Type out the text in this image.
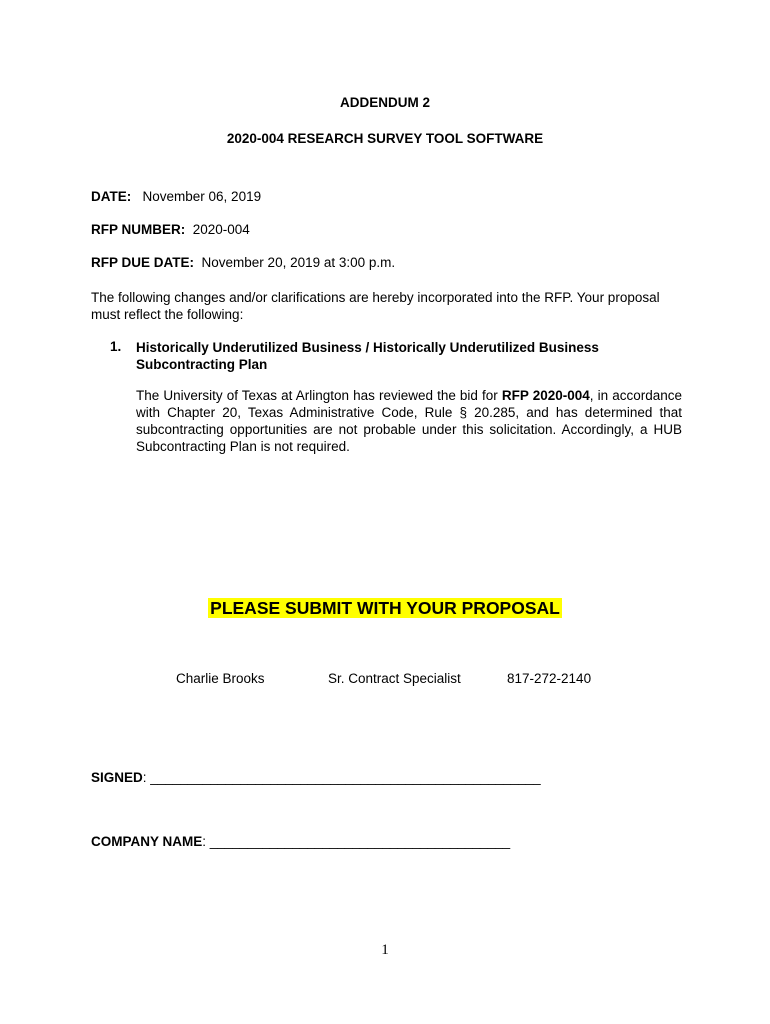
ADDENDUM 2
2020-004 RESEARCH SURVEY TOOL SOFTWARE
DATE: November 06, 2019
RFP NUMBER: 2020-004
RFP DUE DATE: November 20, 2019 at 3:00 p.m.
The following changes and/or clarifications are hereby incorporated into the RFP. Your proposal must reflect the following:
1. Historically Underutilized Business / Historically Underutilized Business Subcontracting Plan
The University of Texas at Arlington has reviewed the bid for RFP 2020-004, in accordance with Chapter 20, Texas Administrative Code, Rule § 20.285, and has determined that subcontracting opportunities are not probable under this solicitation. Accordingly, a HUB Subcontracting Plan is not required.
PLEASE SUBMIT WITH YOUR PROPOSAL
Charlie Brooks	Sr. Contract Specialist	817-272-2140
SIGNED: ____________________________________________________
COMPANY NAME: ________________________________________
1
